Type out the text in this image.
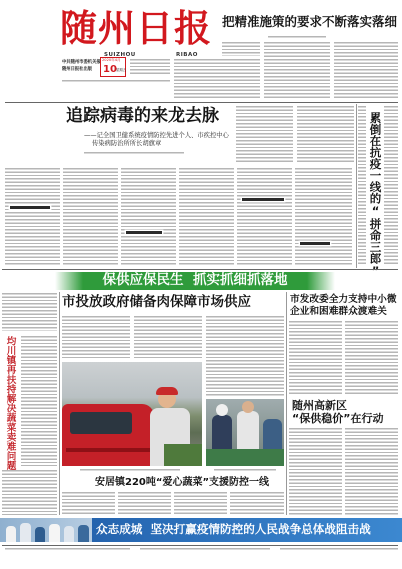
随州日报
SUIZHOU	RIBAO
中共随州市委机关报
随州日报社出版
2020年4月
10 星期五
把精准施策的要求不断落实落细
追踪病毒的来龙去脉
——记全国卫健系统疫情防控先进个人、市疾控中心
传染病防治所所长胡旗章	累倒在抗疫一线的“拼命三郎”
保供应保民生  抓实抓细抓落地
均川镇再扶持解决蔬菜卖难问题
市投放政府储备肉保障市场供应
安居镇220吨“爱心蔬菜”支援防控一线
市发改委全力支持中小微
企业和困难群众渡难关
随州高新区
“保供稳价”在行动
众志成城  坚决打赢疫情防控的人民战争总体战阻击战
